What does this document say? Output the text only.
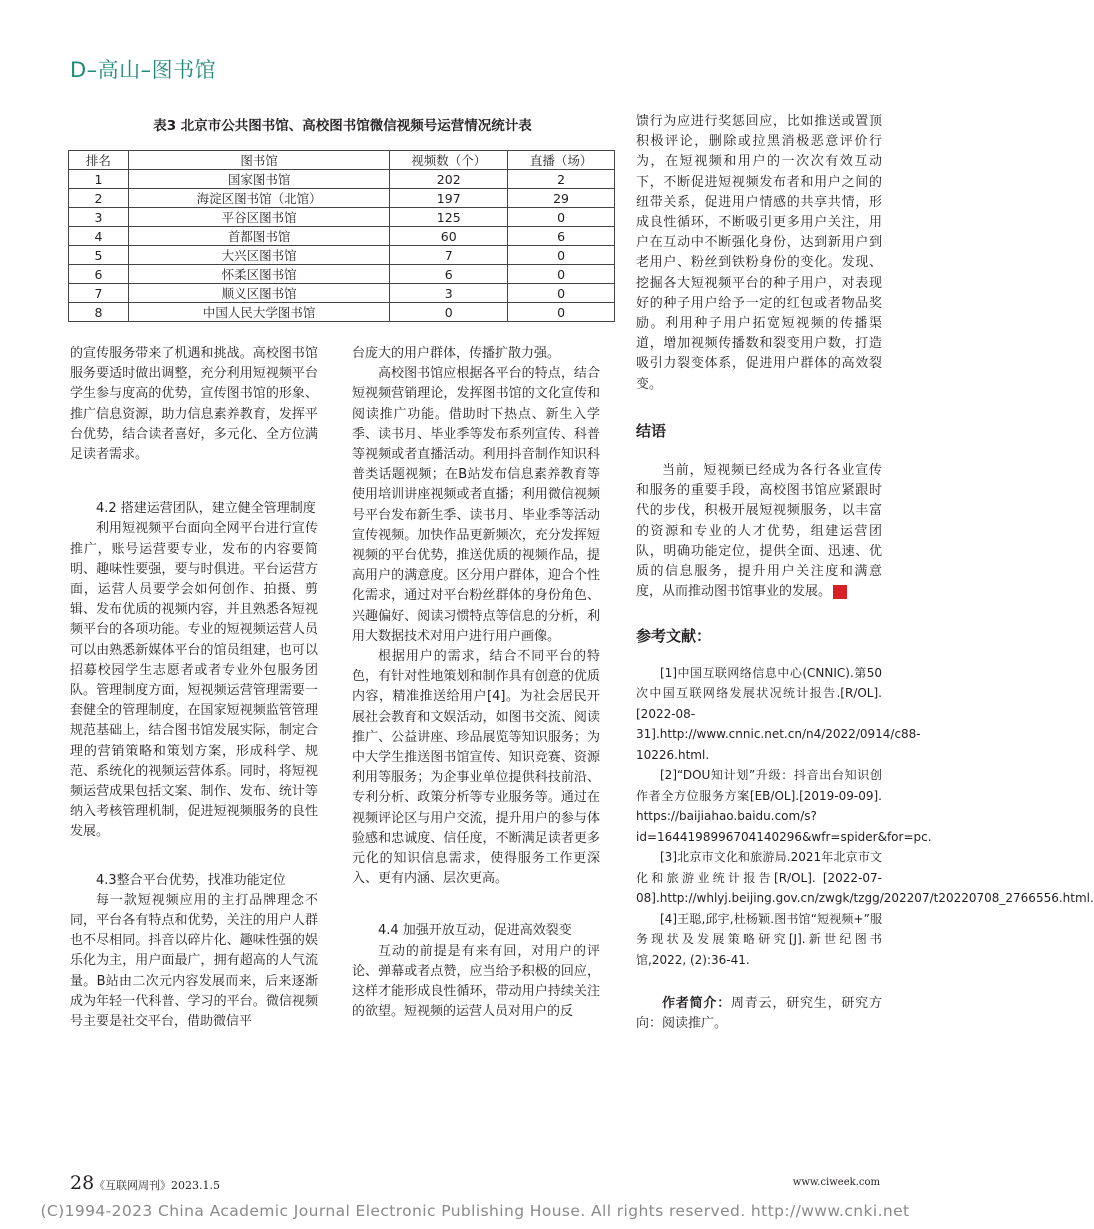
D–高山–图书馆
表3 北京市公共图书馆、高校图书馆微信视频号运营情况统计表
排名	图书馆	视频数（个）	直播（场）
1	国家图书馆	202	2
2	海淀区图书馆（北馆）	197	29
3	平谷区图书馆	125	0
4	首都图书馆	60	6
5	大兴区图书馆	7	0
6	怀柔区图书馆	6	0
7	顺义区图书馆	3	0
8	中国人民大学图书馆	0	0

的宣传服务带来了机遇和挑战。高校图书馆服务要适时做出调整，充分利用短视频平台学生参与度高的优势，宣传图书馆的形象、推广信息资源，助力信息素养教育，发挥平台优势，结合读者喜好，多元化、全方位满足读者需求。

4.2 搭建运营团队，建立健全管理制度

利用短视频平台面向全网平台进行宣传推广，账号运营要专业，发布的内容要简明、趣味性要强，要与时俱进。平台运营方面，运营人员要学会如何创作、拍摄、剪辑、发布优质的视频内容，并且熟悉各短视频平台的各项功能。专业的短视频运营人员可以由熟悉新媒体平台的馆员组建，也可以招募校园学生志愿者或者专业外包服务团队。管理制度方面，短视频运营管理需要一套健全的管理制度，在国家短视频监管管理规范基础上，结合图书馆发展实际，制定合理的营销策略和策划方案，形成科学、规范、系统化的视频运营体系。同时，将短视频运营成果包括文案、制作、发布、统计等纳入考核管理机制，促进短视频服务的良性发展。

4.3整合平台优势，找准功能定位

每一款短视频应用的主打品牌理念不同，平台各有特点和优势，关注的用户人群也不尽相同。抖音以碎片化、趣味性强的娱乐化为主，用户面最广，拥有超高的人气流量。B站由二次元内容发展而来，后来逐渐成为年轻一代科普、学习的平台。微信视频号主要是社交平台，借助微信平

台庞大的用户群体，传播扩散力强。

高校图书馆应根据各平台的特点，结合短视频营销理论，发挥图书馆的文化宣传和阅读推广功能。借助时下热点、新生入学季、读书月、毕业季等发布系列宣传、科普等视频或者直播活动。利用抖音制作知识科普类话题视频；在B站发布信息素养教育等使用培训讲座视频或者直播；利用微信视频号平台发布新生季、读书月、毕业季等活动宣传视频。加快作品更新频次，充分发挥短视频的平台优势，推送优质的视频作品，提高用户的满意度。区分用户群体，迎合个性化需求，通过对平台粉丝群体的身份角色、兴趣偏好、阅读习惯特点等信息的分析，利用大数据技术对用户进行用户画像。

根据用户的需求，结合不同平台的特色，有针对性地策划和制作具有创意的优质内容，精准推送给用户[4]。为社会居民开展社会教育和文娱活动，如图书交流、阅读推广、公益讲座、珍品展览等知识服务；为中大学生推送图书馆宣传、知识竞赛、资源利用等服务；为企事业单位提供科技前沿、专利分析、政策分析等专业服务等。通过在视频评论区与用户交流，提升用户的参与体验感和忠诚度、信任度，不断满足读者更多元化的知识信息需求，使得服务工作更深入、更有内涵、层次更高。

4.4 加强开放互动，促进高效裂变

互动的前提是有来有回，对用户的评论、弹幕或者点赞，应当给予积极的回应，这样才能形成良性循环，带动用户持续关注的欲望。短视频的运营人员对用户的反

馈行为应进行奖惩回应，比如推送或置顶积极评论，删除或拉黑消极恶意评价行为，在短视频和用户的一次次有效互动下，不断促进短视频发布者和用户之间的纽带关系，促进用户情感的共享共情，形成良性循环，不断吸引更多用户关注，用户在互动中不断强化身份，达到新用户到老用户、粉丝到铁粉身份的变化。发现、挖掘各大短视频平台的种子用户，对表现好的种子用户给予一定的红包或者物品奖励。利用种子用户拓宽短视频的传播渠道，增加视频传播数和裂变用户数，打造吸引力裂变体系，促进用户群体的高效裂变。

结语

当前，短视频已经成为各行各业宣传和服务的重要手段，高校图书馆应紧跟时代的步伐，积极开展短视频服务，以丰富的资源和专业的人才优势，组建运营团队，明确功能定位，提供全面、迅速、优质的信息服务，提升用户关注度和满意度，从而推动图书馆事业的发展。	↗

参考文献：

[1]中国互联网络信息中心(CNNIC).第50次中国互联网络发展状况统计报告.[R/OL].[2022-08-31].http://www.cnnic.net.cn/n4/2022/0914/c88-10226.html.

[2]“DOU知计划”升级：抖音出台知识创作者全方位服务方案[EB/OL].[2019-09-09]. https://baijiahao.baidu.com/s?id=1644198996704140296&wfr=spider&for=pc.

[3]北京市文化和旅游局.2021年北京市文化和旅游业统计报告[R/OL]. [2022-07-08].http://whlyj.beijing.gov.cn/zwgk/tzgg/202207/t20220708_2766556.html.

[4]王聪,邱宇,杜杨颖.图书馆“短视频+”服务现状及发展策略研究[J].新世纪图书馆,2022, (2):36-41.

作者简介：周青云，研究生，研究方向：阅读推广。

28 《互联网周刊》2023.1.5	www.ciweek.com
(C)1994-2023 China Academic Journal Electronic Publishing House. All rights reserved. http://www.cnki.net
